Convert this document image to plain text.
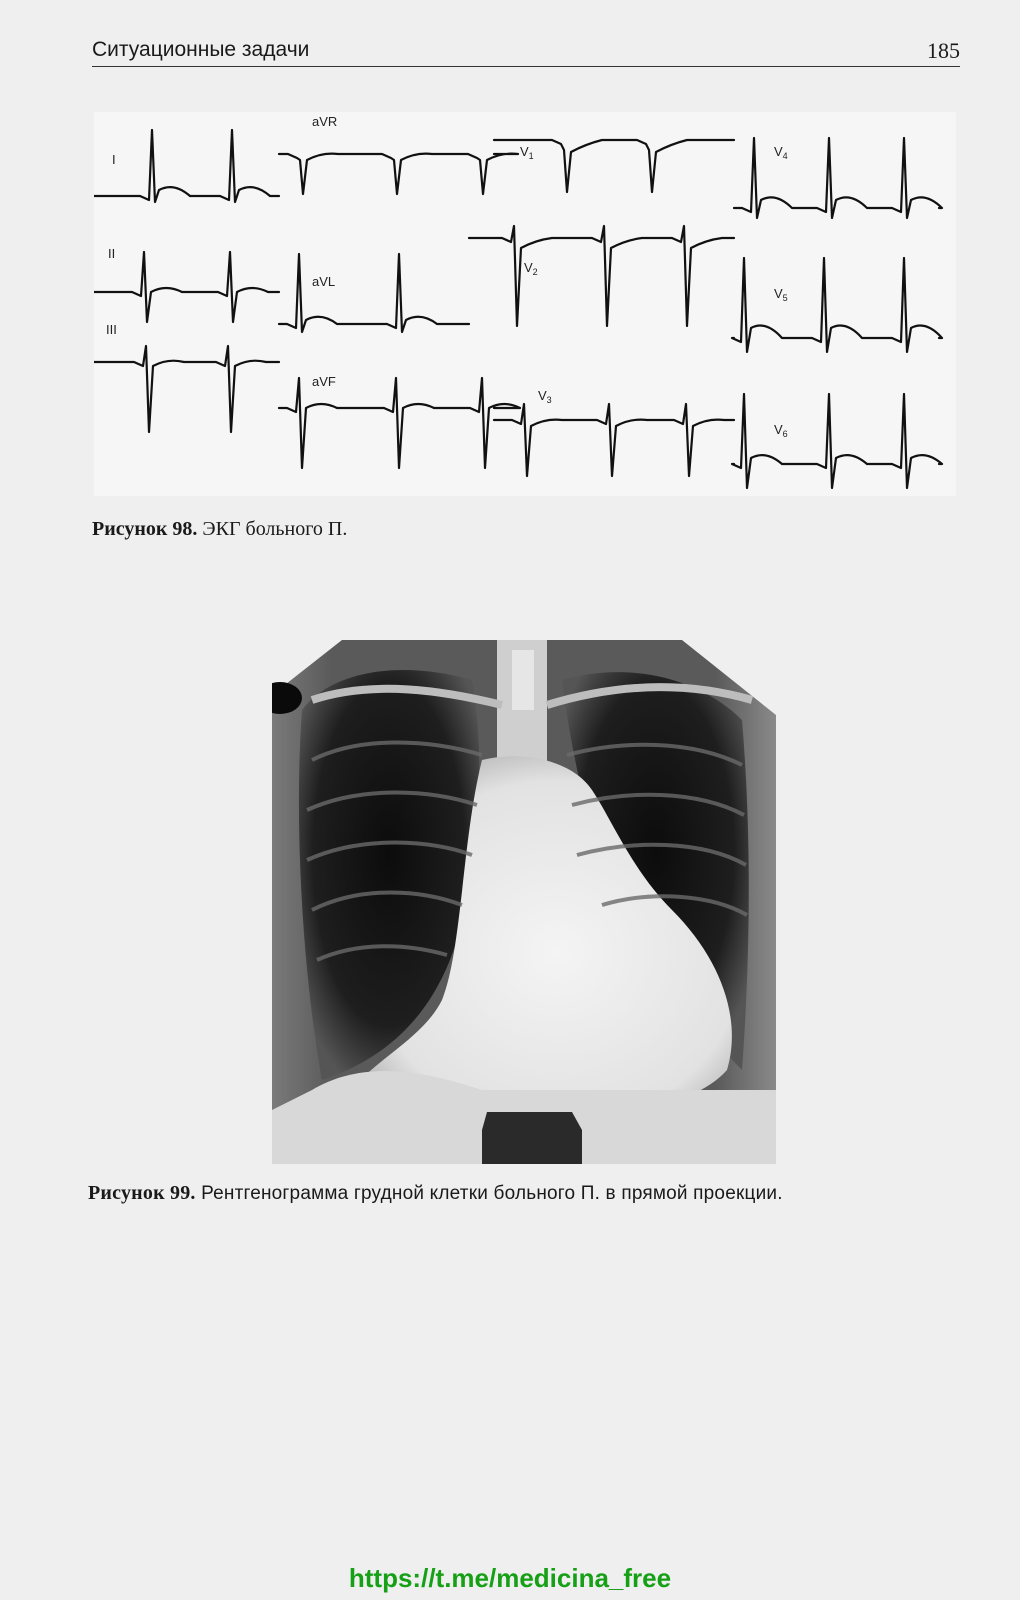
Ситуационные задачи	185
I
II
III
aVR
aVL
aVF
$V_1$
$V_2$
$V_3$
$V_4$
$V_5$
$V_6$
Рисунок 98. ЭКГ больного П.
Рисунок 99. Рентгенограмма грудной клетки больного П. в прямой проекции.
https://t.me/medicina_free
